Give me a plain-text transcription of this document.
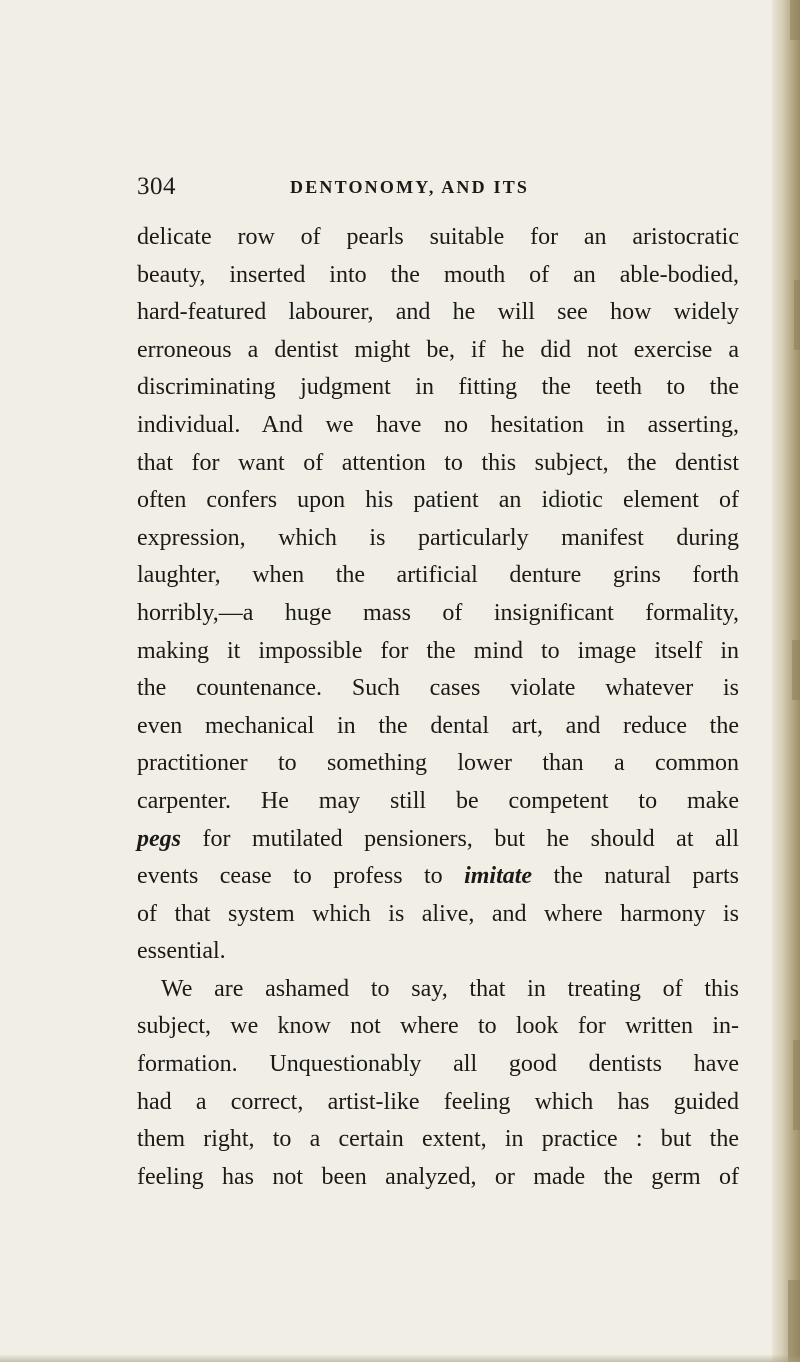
304	DENTONOMY, AND ITS
delicate row of pearls suitable for an aristocratic
beauty, inserted into the mouth of an able-bodied,
hard-featured labourer, and he will see how widely
erroneous a dentist might be, if he did not exercise a
discriminating judgment in fitting the teeth to the
individual. And we have no hesitation in asserting,
that for want of attention to this subject, the dentist
often confers upon his patient an idiotic element of
expression, which is particularly manifest during
laughter, when the artificial denture grins forth
horribly,—a huge mass of insignificant formality,
making it impossible for the mind to image itself in
the countenance. Such cases violate whatever is
even mechanical in the dental art, and reduce the
practitioner to something lower than a common
carpenter. He may still be competent to make
pegs for mutilated pensioners, but he should at all
events cease to profess to imitate the natural parts
of that system which is alive, and where harmony is
essential.
We are ashamed to say, that in treating of this
subject, we know not where to look for written in-
formation. Unquestionably all good dentists have
had a correct, artist-like feeling which has guided
them right, to a certain extent, in practice : but the
feeling has not been analyzed, or made the germ of
